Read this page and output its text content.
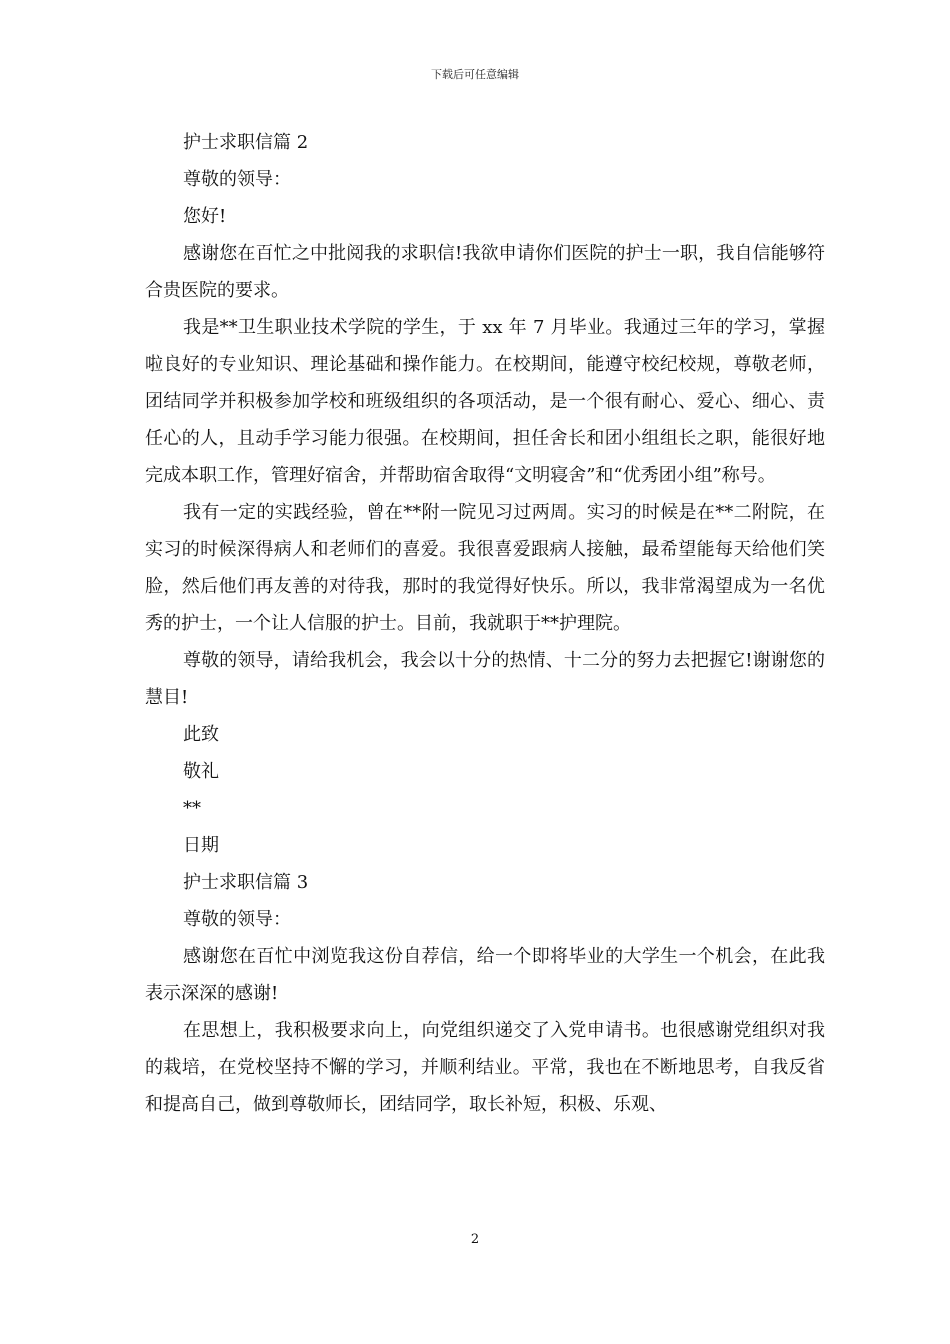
下载后可任意编辑
护士求职信篇 2
尊敬的领导：
您好!

感谢您在百忙之中批阅我的求职信!我欲申请你们医院的护士一职，我自信能够符合贵医院的要求。

我是**卫生职业技术学院的学生，于 xx 年 7 月毕业。我通过三年的学习，掌握啦良好的专业知识、理论基础和操作能力。在校期间，能遵守校纪校规，尊敬老师，团结同学并积极参加学校和班级组织的各项活动，是一个很有耐心、爱心、细心、责任心的人，且动手学习能力很强。在校期间，担任舍长和团小组组长之职，能很好地完成本职工作，管理好宿舍，并帮助宿舍取得“文明寝舍”和“优秀团小组”称号。

我有一定的实践经验，曾在**附一院见习过两周。实习的时候是在**二附院，在实习的时候深得病人和老师们的喜爱。我很喜爱跟病人接触，最希望能每天给他们笑脸，然后他们再友善的对待我，那时的我觉得好快乐。所以，我非常渴望成为一名优秀的护士，一个让人信服的护士。目前，我就职于**护理院。

尊敬的领导，请给我机会，我会以十分的热情、十二分的努力去把握它!谢谢您的慧目!

此致
敬礼
**
日期
护士求职信篇 3
尊敬的领导：

感谢您在百忙中浏览我这份自荐信，给一个即将毕业的大学生一个机会，在此我表示深深的感谢!

在思想上，我积极要求向上，向党组织递交了入党申请书。也很感谢党组织对我的栽培，在党校坚持不懈的学习，并顺利结业。平常，我也在不断地思考，自我反省和提高自己，做到尊敬师长，团结同学，取长补短，积极、乐观、

2
